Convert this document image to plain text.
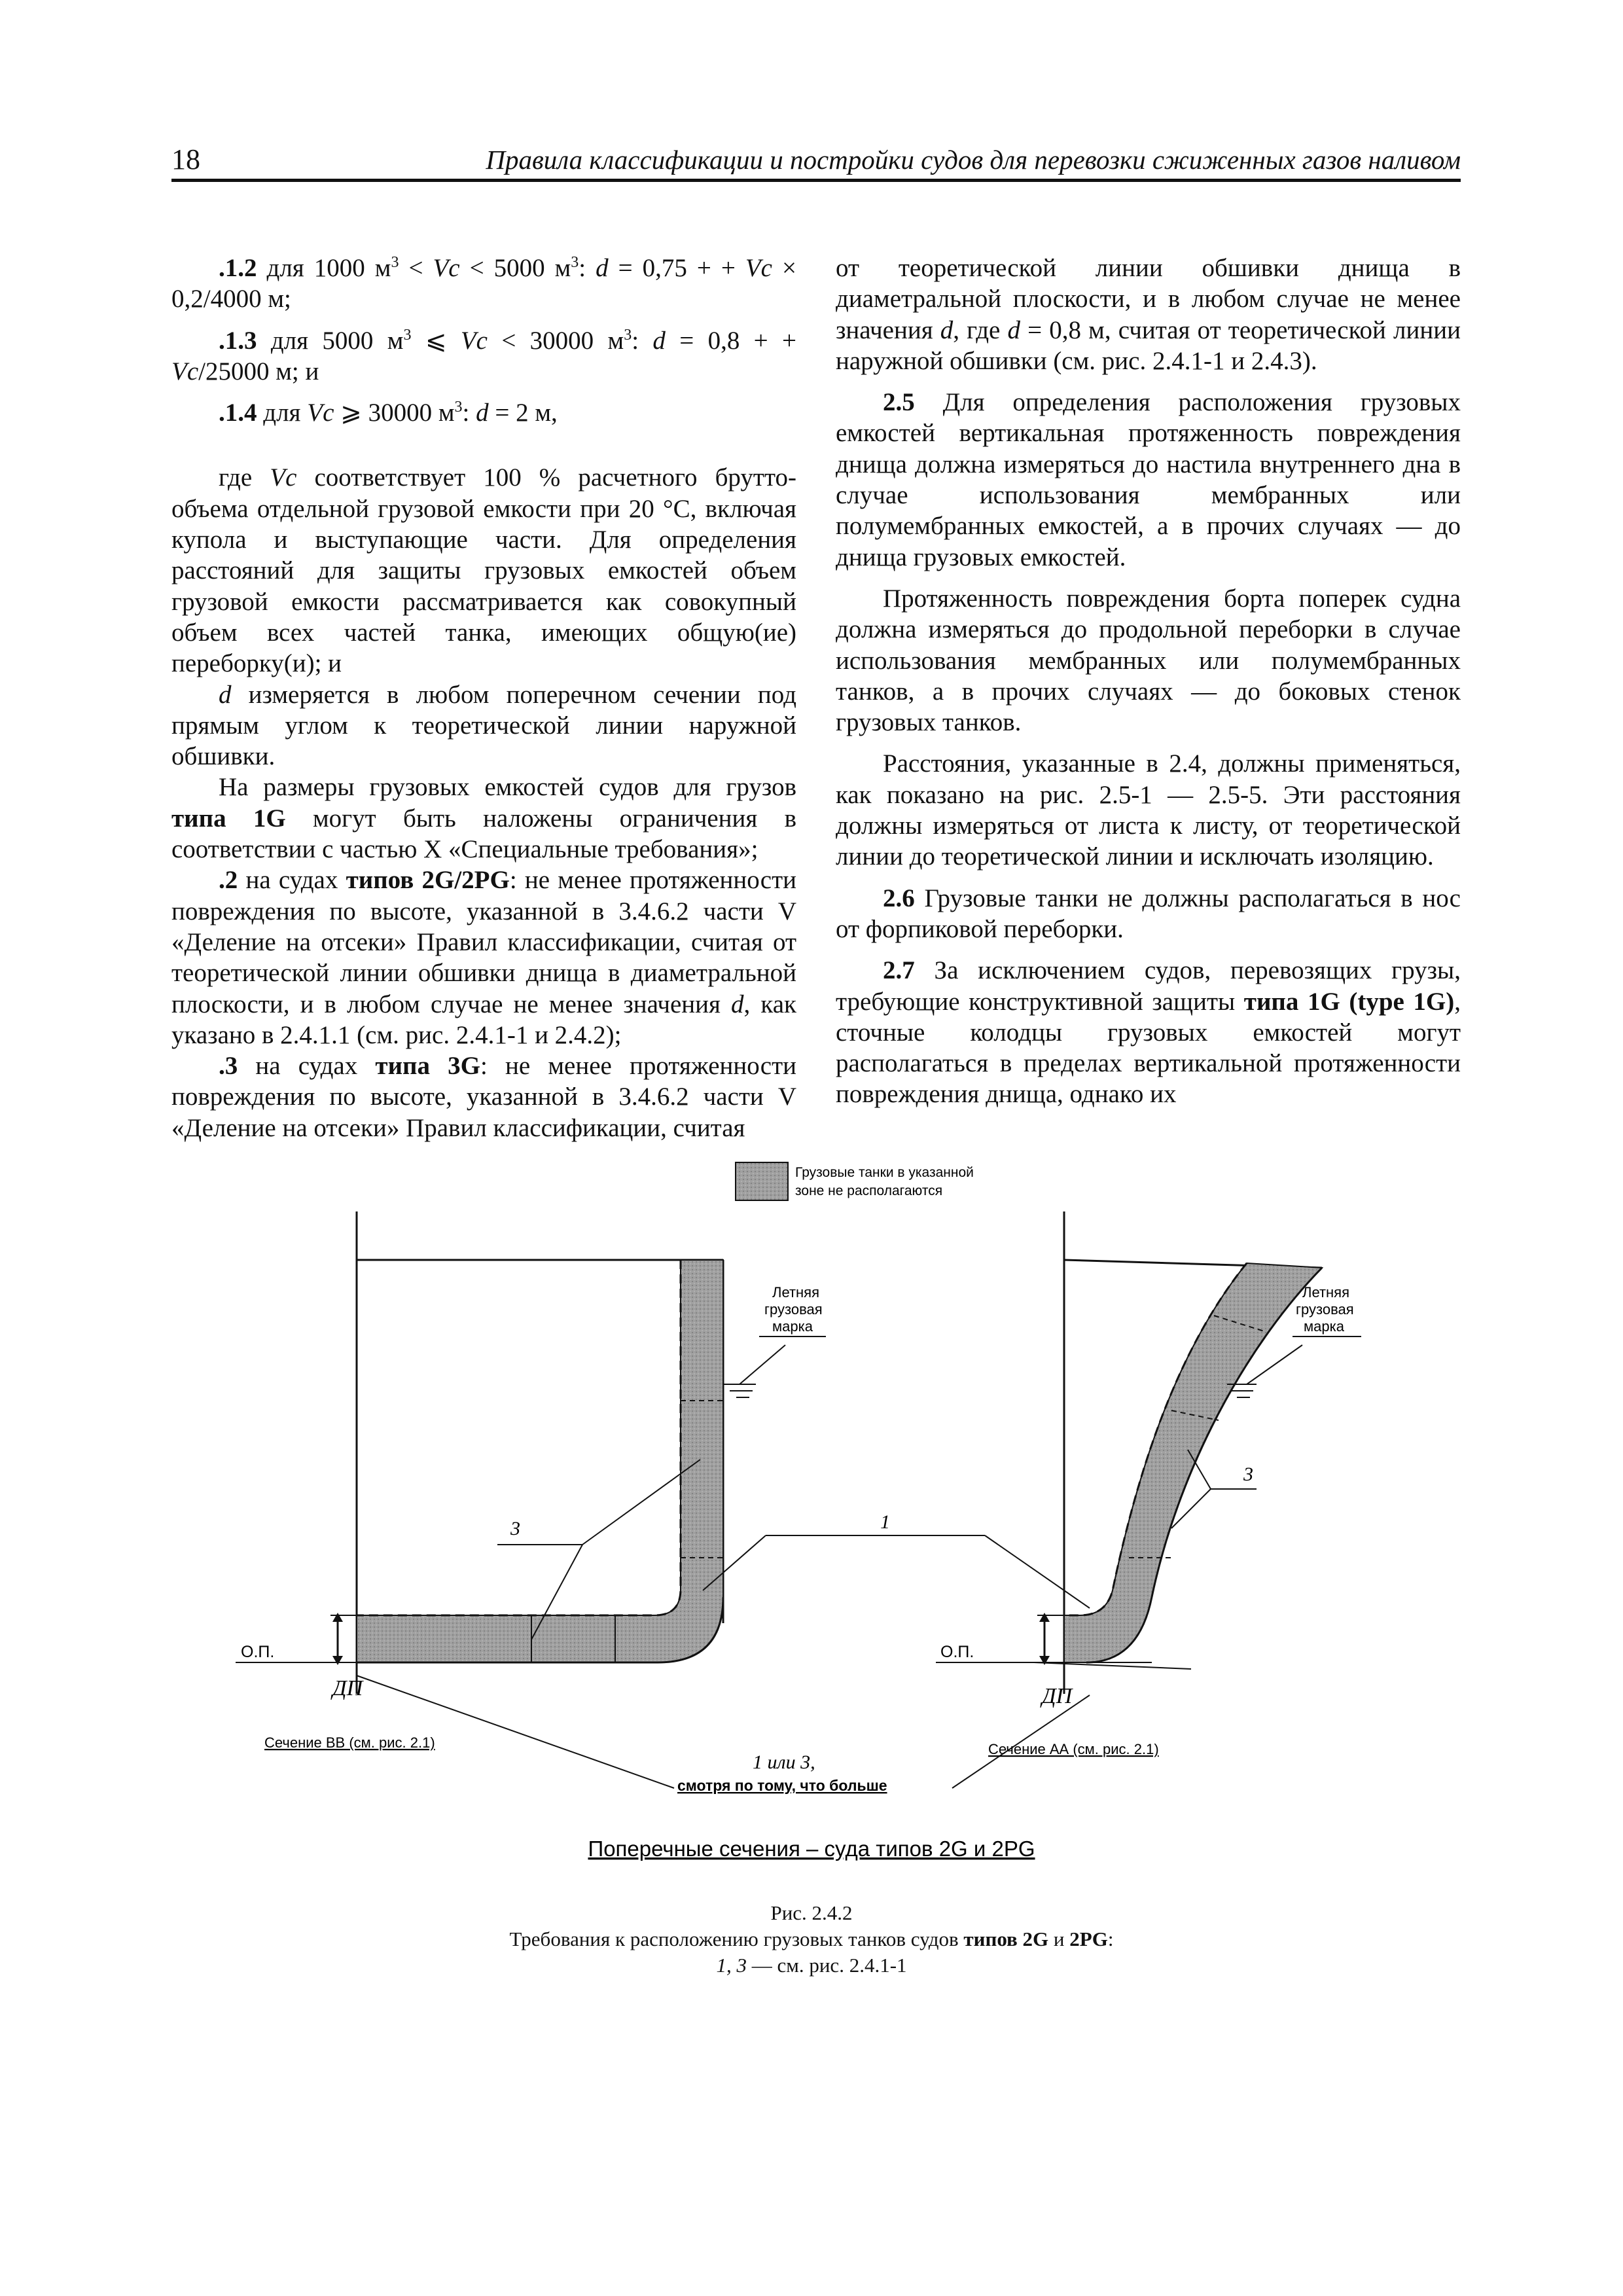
18	Правила классификации и постройки судов для перевозки сжиженных газов наливом

.1.2 для 1000 $м^3 < Vc < 5000$ $м^3$: d = 0,75 + + Vc × 0,2/4000 м;

.1.3 для 5000 $м^3$ ⩽ Vc < 30000 $м^3$: d = 0,8 + + Vc/25000 м; и

.1.4 для Vc ⩾ 30000 $м^3$: d = 2 м,

где Vc соответствует 100 % расчетного брутто-объема отдельной грузовой емкости при 20 °С, включая купола и выступающие части. Для определения расстояний для защиты грузовых емкостей объем грузовой емкости рассматривается как совокупный объем всех частей танка, имеющих общую(ие) переборку(и); и

d измеряется в любом поперечном сечении под прямым углом к теоретической линии наружной обшивки.

На размеры грузовых емкостей судов для грузов типа 1G могут быть наложены ограничения в соответствии с частью X «Специальные требования»;

.2 на судах типов 2G/2PG: не менее протяженности повреждения по высоте, указанной в 3.4.6.2 части V «Деление на отсеки» Правил классификации, считая от теоретической линии обшивки днища в диаметральной плоскости, и в любом случае не менее значения d, как указано в 2.4.1.1 (см. рис. 2.4.1-1 и 2.4.2);

.3 на судах типа 3G: не менее протяженности повреждения по высоте, указанной в 3.4.6.2 части V «Деление на отсеки» Правил классификации, считая

от теоретической линии обшивки днища в диаметральной плоскости, и в любом случае не менее значения d, где d = 0,8 м, считая от теоретической линии наружной обшивки (см. рис. 2.4.1-1 и 2.4.3).

2.5 Для определения расположения грузовых емкостей вертикальная протяженность повреждения днища должна измеряться до настила внутреннего дна в случае использования мембранных или полумембранных емкостей, а в прочих случаях — до днища грузовых емкостей.

Протяженность повреждения борта поперек судна должна измеряться до продольной переборки в случае использования мембранных или полумембранных танков, а в прочих случаях — до боковых стенок грузовых танков.

Расстояния, указанные в 2.4, должны применяться, как показано на рис. 2.5-1 — 2.5-5. Эти расстояния должны измеряться от листа к листу, от теоретической линии до теоретической линии и исключать изоляцию.

2.6 Грузовые танки не должны располагаться в нос от форпиковой переборки.

2.7 За исключением судов, перевозящих грузы, требующие конструктивной защиты типа 1G (type 1G), сточные колодцы грузовых емкостей могут располагаться в пределах вертикальной протяженности повреждения днища, однако их

Грузовые танки в указанной
зоне не располагаются
Летняя
грузовая
марка
3	1
О.П.
ДП
Сечение ВВ (см. рис. 2.1)
Летняя
грузовая
марка
3
О.П.
ДП
Сечение АА (см. рис. 2.1)
1 или 3,
смотря по тому, что больше
Поперечные сечения – суда типов 2G и 2PG
Рис. 2.4.2
Требования к расположению грузовых танков судов типов 2G и 2PG:
1, 3 — см. рис. 2.4.1-1
